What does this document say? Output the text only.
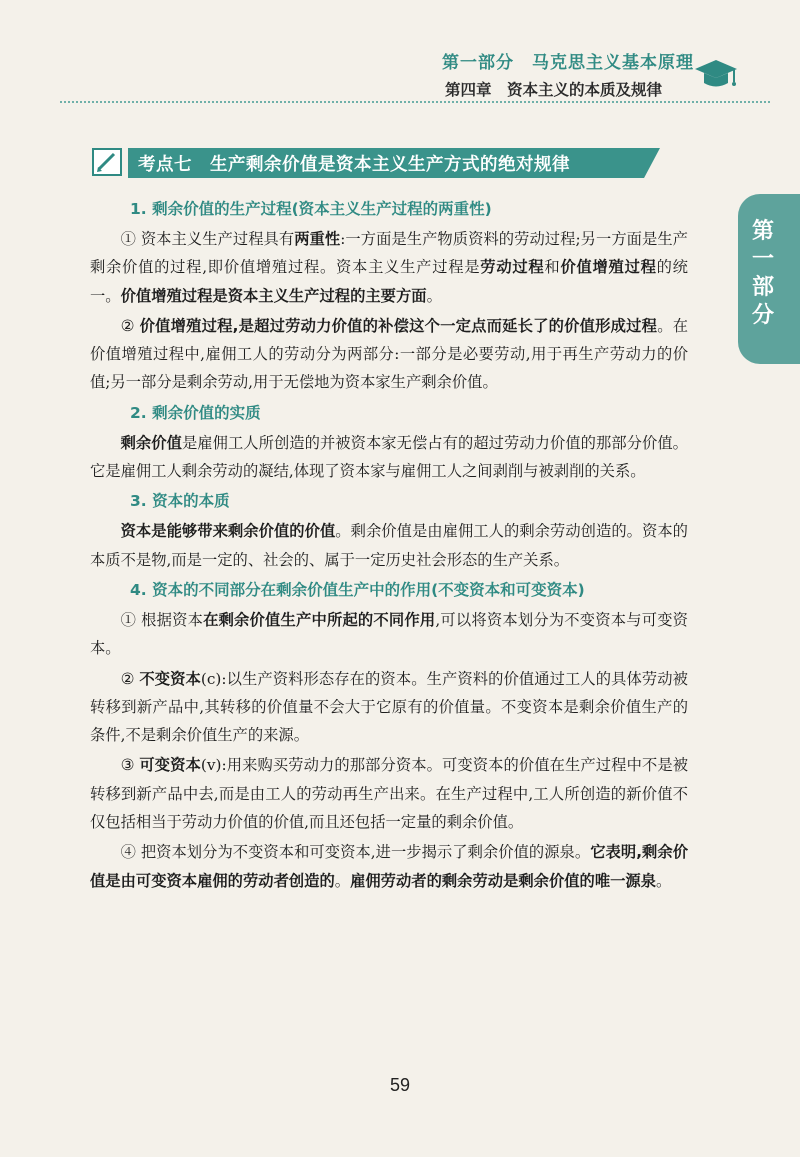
第一部分　马克思主义基本原理
第四章　资本主义的本质及规律
第一部分
考点七　生产剩余价值是资本主义生产方式的绝对规律
1. 剩余价值的生产过程(资本主义生产过程的两重性)

① 资本主义生产过程具有两重性:一方面是生产物质资料的劳动过程;另一方面是生产剩余价值的过程,即价值增殖过程。资本主义生产过程是劳动过程和价值增殖过程的统一。价值增殖过程是资本主义生产过程的主要方面。

② 价值增殖过程,是超过劳动力价值的补偿这个一定点而延长了的价值形成过程。在价值增殖过程中,雇佣工人的劳动分为两部分:一部分是必要劳动,用于再生产劳动力的价值;另一部分是剩余劳动,用于无偿地为资本家生产剩余价值。

2. 剩余价值的实质

剩余价值是雇佣工人所创造的并被资本家无偿占有的超过劳动力价值的那部分价值。它是雇佣工人剩余劳动的凝结,体现了资本家与雇佣工人之间剥削与被剥削的关系。

3. 资本的本质

资本是能够带来剩余价值的价值。剩余价值是由雇佣工人的剩余劳动创造的。资本的本质不是物,而是一定的、社会的、属于一定历史社会形态的生产关系。

4. 资本的不同部分在剩余价值生产中的作用(不变资本和可变资本)

① 根据资本在剩余价值生产中所起的不同作用,可以将资本划分为不变资本与可变资本。

② 不变资本(c):以生产资料形态存在的资本。生产资料的价值通过工人的具体劳动被转移到新产品中,其转移的价值量不会大于它原有的价值量。不变资本是剩余价值生产的条件,不是剩余价值生产的来源。

③ 可变资本(v):用来购买劳动力的那部分资本。可变资本的价值在生产过程中不是被转移到新产品中去,而是由工人的劳动再生产出来。在生产过程中,工人所创造的新价值不仅包括相当于劳动力价值的价值,而且还包括一定量的剩余价值。

④ 把资本划分为不变资本和可变资本,进一步揭示了剩余价值的源泉。它表明,剩余价值是由可变资本雇佣的劳动者创造的。雇佣劳动者的剩余劳动是剩余价值的唯一源泉。

59
